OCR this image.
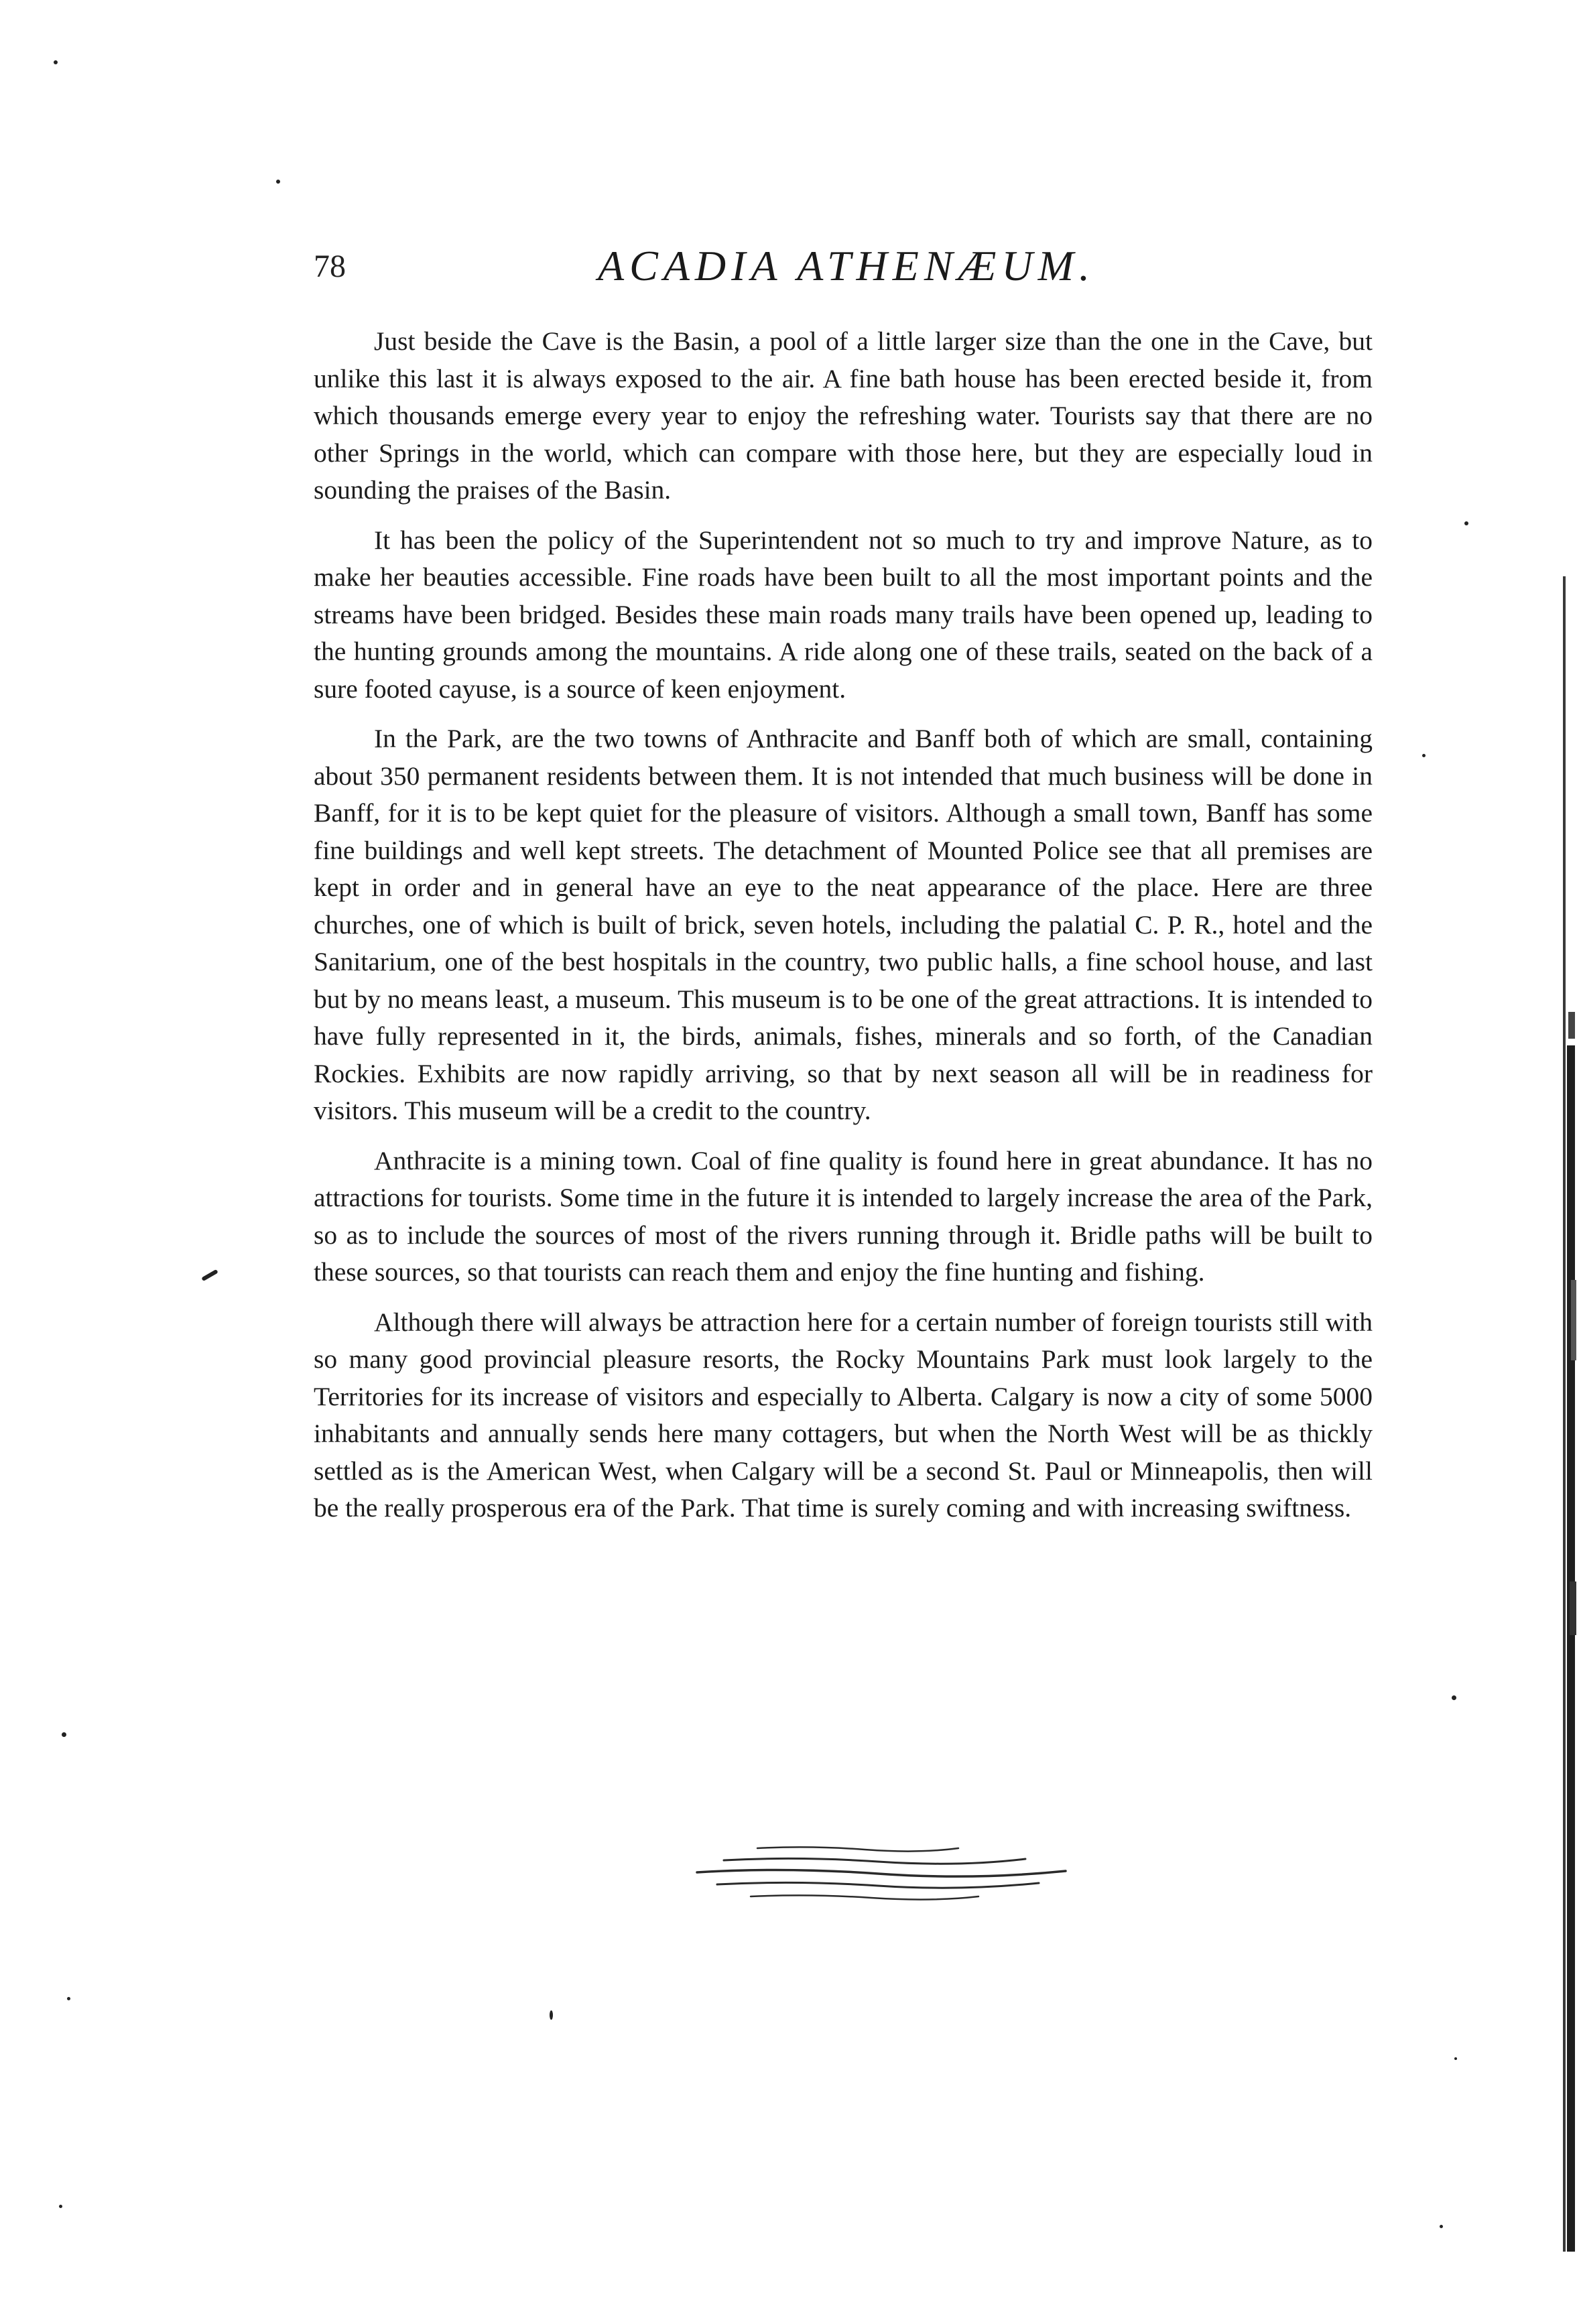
78	ACADIA ATHENÆUM.

Just beside the Cave is the Basin, a pool of a little larger size than the one in the Cave, but unlike this last it is always exposed to the air. A fine bath house has been erected beside it, from which thousands emerge every year to enjoy the refreshing water. Tourists say that there are no other Springs in the world, which can compare with those here, but they are especially loud in sounding the praises of the Basin.

It has been the policy of the Superintendent not so much to try and improve Nature, as to make her beauties accessible. Fine roads have been built to all the most important points and the streams have been bridged. Besides these main roads many trails have been opened up, leading to the hunting grounds among the mountains. A ride along one of these trails, seated on the back of a sure footed cayuse, is a source of keen enjoyment.

In the Park, are the two towns of Anthracite and Banff both of which are small, containing about 350 permanent residents between them. It is not intended that much business will be done in Banff, for it is to be kept quiet for the pleasure of visitors. Although a small town, Banff has some fine buildings and well kept streets. The detachment of Mounted Police see that all premises are kept in order and in general have an eye to the neat appearance of the place. Here are three churches, one of which is built of brick, seven hotels, including the palatial C. P. R., hotel and the Sanitarium, one of the best hospitals in the country, two public halls, a fine school house, and last but by no means least, a museum. This museum is to be one of the great attractions. It is intended to have fully represented in it, the birds, animals, fishes, minerals and so forth, of the Canadian Rockies. Exhibits are now rapidly arriving, so that by next season all will be in readiness for visitors. This museum will be a credit to the country.

Anthracite is a mining town. Coal of fine quality is found here in great abundance. It has no attractions for tourists. Some time in the future it is intended to largely increase the area of the Park, so as to include the sources of most of the rivers running through it. Bridle paths will be built to these sources, so that tourists can reach them and enjoy the fine hunting and fishing.

Although there will always be attraction here for a certain number of foreign tourists still with so many good provincial pleasure resorts, the Rocky Mountains Park must look largely to the Territories for its increase of visitors and especially to Alberta. Calgary is now a city of some 5000 inhabitants and annually sends here many cottagers, but when the North West will be as thickly settled as is the American West, when Calgary will be a second St. Paul or Minneapolis, then will be the really prosperous era of the Park. That time is surely coming and with increasing swiftness.
